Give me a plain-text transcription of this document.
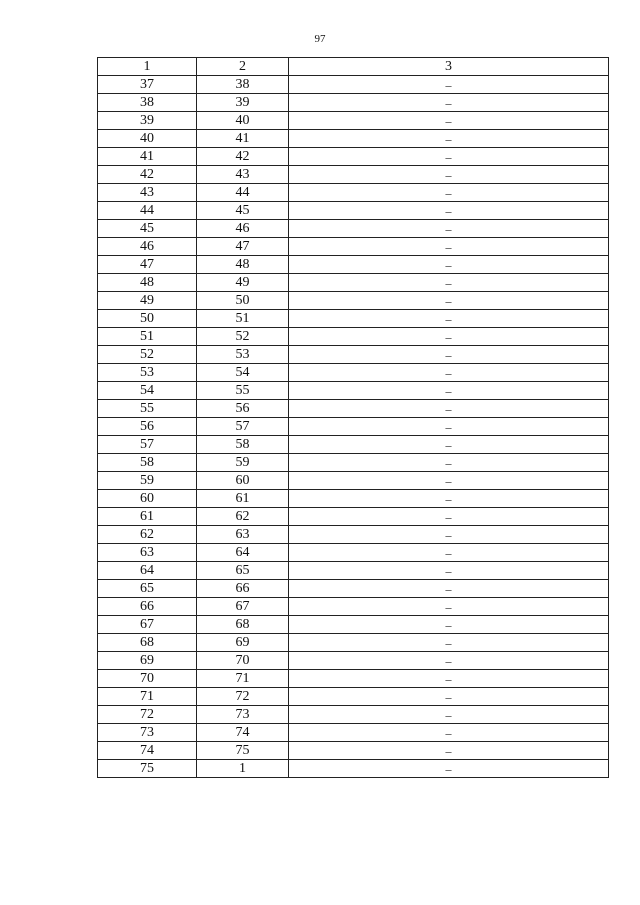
97
1	2	3
37	38	–
38	39	–
39	40	–
40	41	–
41	42	–
42	43	–
43	44	–
44	45	–
45	46	–
46	47	–
47	48	–
48	49	–
49	50	–
50	51	–
51	52	–
52	53	–
53	54	–
54	55	–
55	56	–
56	57	–
57	58	–
58	59	–
59	60	–
60	61	–
61	62	–
62	63	–
63	64	–
64	65	–
65	66	–
66	67	–
67	68	–
68	69	–
69	70	–
70	71	–
71	72	–
72	73	–
73	74	–
74	75	–
75	1	–
